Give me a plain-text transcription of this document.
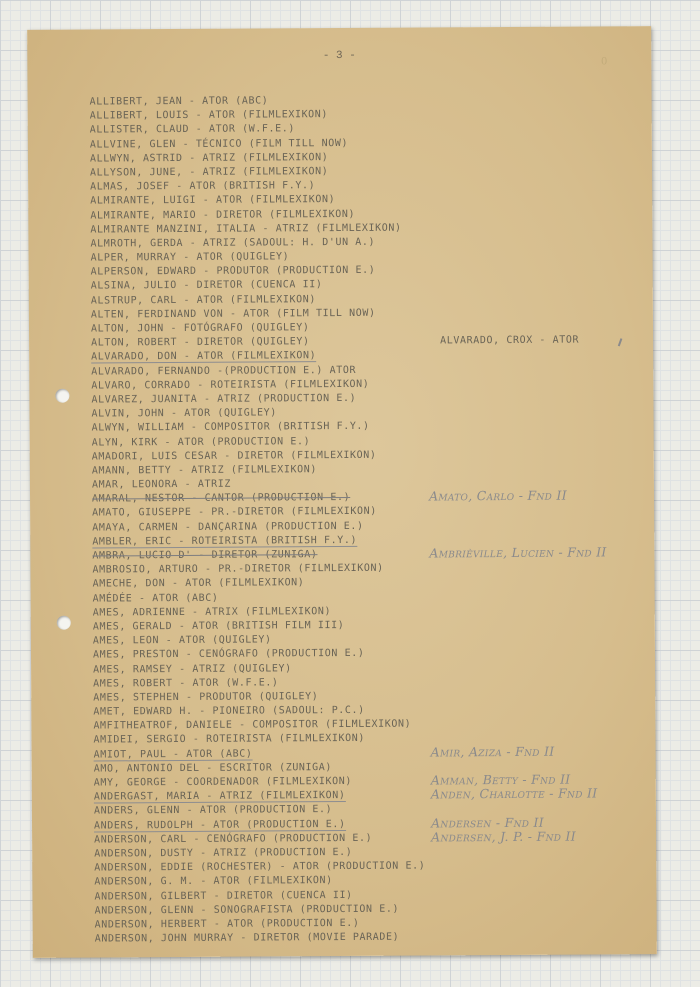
- 3 -	0
ALLIBERT, JEAN - ATOR (ABC)
ALLIBERT, LOUIS - ATOR (FILMLEXIKON)
ALLISTER, CLAUD - ATOR (W.F.E.)
ALLVINE, GLEN - TÉCNICO (FILM TILL NOW)
ALLWYN, ASTRID - ATRIZ (FILMLEXIKON)
ALLYSON, JUNE, - ATRIZ (FILMLEXIKON)
ALMAS, JOSEF - ATOR (BRITISH F.Y.)
ALMIRANTE, LUIGI - ATOR (FILMLEXIKON)
ALMIRANTE, MARIO - DIRETOR (FILMLEXIKON)
ALMIRANTE MANZINI, ITALIA - ATRIZ (FILMLEXIKON)
ALMROTH, GERDA - ATRIZ (SADOUL: H. D'UN A.)
ALPER, MURRAY - ATOR (QUIGLEY)
ALPERSON, EDWARD - PRODUTOR (PRODUCTION E.)
ALSINA, JULIO - DIRETOR (CUENCA II)
ALSTRUP, CARL - ATOR (FILMLEXIKON)
ALTEN, FERDINAND VON - ATOR (FILM TILL NOW)
ALTON, JOHN - FOTÓGRAFO (QUIGLEY)
ALTON, ROBERT - DIRETOR (QUIGLEY)	ALVARADO, CROX - ATOR
ALVARADO, DON - ATOR (FILMLEXIKON)
ALVARADO, FERNANDO -(PRODUCTION E.) ATOR
ALVARO, CORRADO - ROTEIRISTA (FILMLEXIKON)
ALVAREZ, JUANITA - ATRIZ (PRODUCTION E.)
ALVIN, JOHN - ATOR (QUIGLEY)
ALWYN, WILLIAM - COMPOSITOR (BRITISH F.Y.)
ALYN, KIRK - ATOR (PRODUCTION E.)
AMADORI, LUIS CESAR - DIRETOR (FILMLEXIKON)
AMANN, BETTY - ATRIZ (FILMLEXIKON)
AMAR, LEONORA - ATRIZ
AMARAL, NESTOR - CANTOR (PRODUCTION E.)	Amato, Carlo - Fnd II
AMATO, GIUSEPPE - PR.-DIRETOR (FILMLEXIKON)
AMAYA, CARMEN - DANÇARINA (PRODUCTION E.)
AMBLER, ERIC - ROTEIRISTA (BRITISH F.Y.)
AMBRA, LUCIO D' - DIRETOR (ZUNIGA)	Ambrièville, Lucien - Fnd II
AMBROSIO, ARTURO - PR.-DIRETOR (FILMLEXIKON)
AMECHE, DON - ATOR (FILMLEXIKON)
AMÉDÉE - ATOR (ABC)
AMES, ADRIENNE - ATRIX (FILMLEXIKON)
AMES, GERALD - ATOR (BRITISH FILM III)
AMES, LEON - ATOR (QUIGLEY)
AMES, PRESTON - CENÓGRAFO (PRODUCTION E.)
AMES, RAMSEY - ATRIZ (QUIGLEY)
AMES, ROBERT - ATOR (W.F.E.)
AMES, STEPHEN - PRODUTOR (QUIGLEY)
AMET, EDWARD H. - PIONEIRO (SADOUL: P.C.)
AMFITHEATROF, DANIELE - COMPOSITOR (FILMLEXIKON)
AMIDEI, SERGIO - ROTEIRISTA (FILMLEXIKON)
AMIOT, PAUL - ATOR (ABC)	Amir, Aziza - Fnd II
AMO, ANTONIO DEL - ESCRITOR (ZUNIGA)
AMY, GEORGE - COORDENADOR (FILMLEXIKON)	Amman, Betty - Fnd II
ANDERGAST, MARIA - ATRIZ (FILMLEXIKON)	Anden, Charlotte - Fnd II
ANDERS, GLENN - ATOR (PRODUCTION E.)
ANDERS, RUDOLPH - ATOR (PRODUCTION E.)	Andersen - Fnd II
ANDERSON, CARL - CENÓGRAFO (PRODUCTION E.)	Andersen, J. P. - Fnd II
ANDERSON, DUSTY - ATRIZ (PRODUCTION E.)
ANDERSON, EDDIE (ROCHESTER) - ATOR (PRODUCTION E.)
ANDERSON, G. M. - ATOR (FILMLEXIKON)
ANDERSON, GILBERT - DIRETOR (CUENCA II)
ANDERSON, GLENN - SONOGRAFISTA (PRODUCTION E.)
ANDERSON, HERBERT - ATOR (PRODUCTION E.)
ANDERSON, JOHN MURRAY - DIRETOR (MOVIE PARADE)
